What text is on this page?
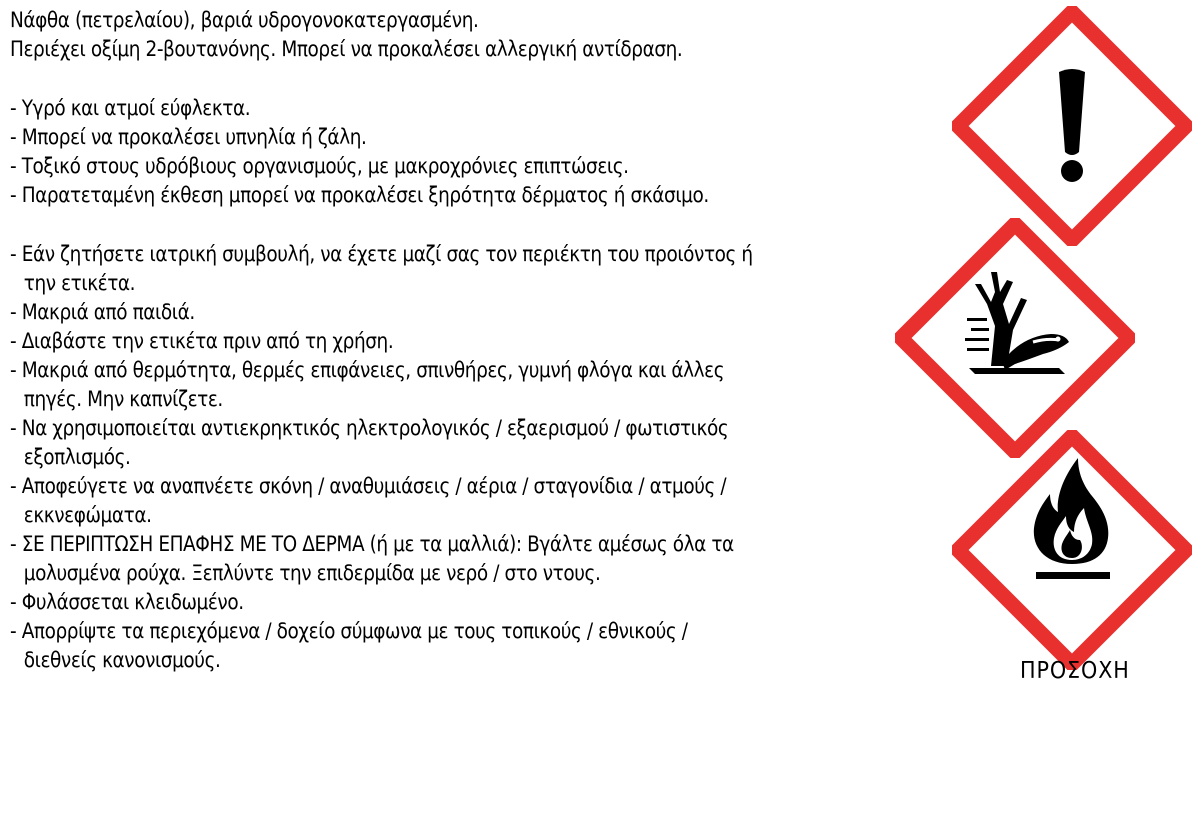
Νάφθα (πετρελαίου), βαριά υδρογονοκατεργασμένη.
Περιέχει οξίμη 2-βουτανόνης. Μπορεί να προκαλέσει αλλεργική αντίδραση.
- Υγρό και ατμοί εύφλεκτα.
- Μπορεί να προκαλέσει υπνηλία ή ζάλη.
- Τοξικό στους υδρόβιους οργανισμούς, με μακροχρόνιες επιπτώσεις.
- Παρατεταμένη έκθεση μπορεί να προκαλέσει ξηρότητα δέρματος ή σκάσιμο.
- Εάν ζητήσετε ιατρική συμβουλή, να έχετε μαζί σας τον περιέκτη του προιόντος ή
την ετικέτα.
- Μακριά από παιδιά.
- Διαβάστε την ετικέτα πριν από τη χρήση.
- Μακριά από θερμότητα, θερμές επιφάνειες, σπινθήρες, γυμνή φλόγα και άλλες
πηγές. Μην καπνίζετε.
- Να χρησιμοποιείται αντιεκρηκτικός ηλεκτρολογικός / εξαερισμού / φωτιστικός
εξοπλισμός.
- Αποφεύγετε να αναπνέετε σκόνη / αναθυμιάσεις / αέρια / σταγονίδια / ατμούς /
εκκνεφώματα.
- ΣΕ ΠΕΡΙΠΤΩΣΗ ΕΠΑΦΗΣ ΜΕ ΤΟ ΔΕΡΜΑ (ή με τα μαλλιά): Βγάλτε αμέσως όλα τα
μολυσμένα ρούχα. Ξεπλύντε την επιδερμίδα με νερό / στο ντους.
- Φυλάσσεται κλειδωμένο.
- Απορρίψτε τα περιεχόμενα / δοχείο σύμφωνα με τους τοπικούς / εθνικούς /
διεθνείς κανονισμούς.	ΠΡΟΣΟΧΗ
